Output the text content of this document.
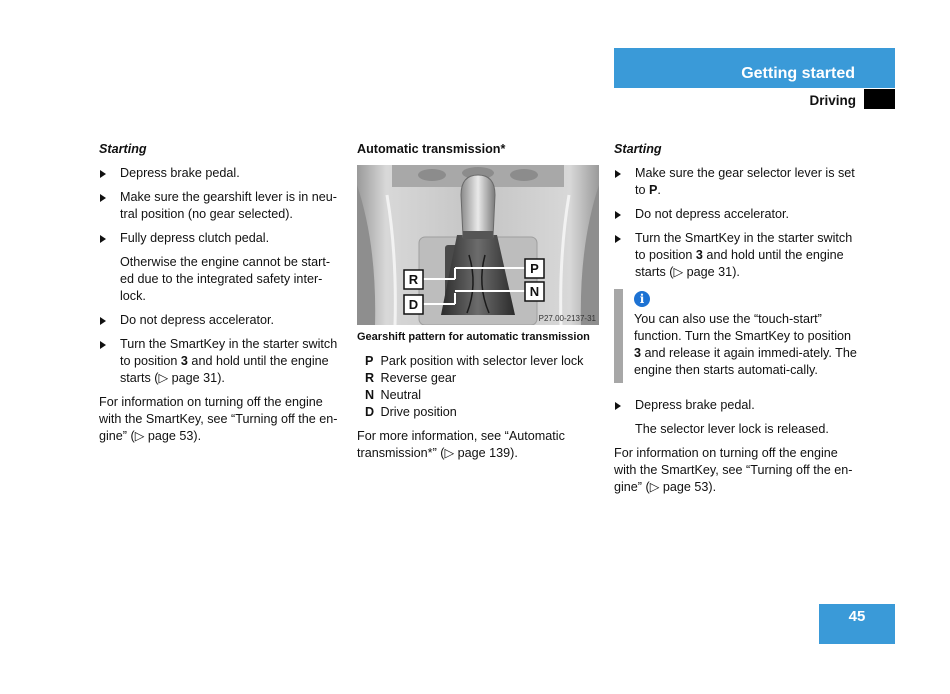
Getting started
Driving

Starting

Depress brake pedal.
Make sure the gearshift lever is in neu-tral position (no gear selected).
Fully depress clutch pedal.

Otherwise the engine cannot be start-ed due to the integrated safety inter-lock.

Do not depress accelerator.
Turn the SmartKey in the starter switch to position 3 and hold until the engine starts (▷ page 31).

For information on turning off the engine with the SmartKey, see “Turning off the en-gine” (▷ page 53).

Automatic transmission*

R
D
P
N
P27.00-2137-31

Gearshift pattern for automatic transmission

P Park position with selector lever lock

R Reverse gear

N Neutral

D Drive position

For more information, see “Automatic transmission*” (▷ page 139).

Starting

Make sure the gear selector lever is set to P.
Do not depress accelerator.
Turn the SmartKey in the starter switch to position 3 and hold until the engine starts (▷ page 31).
i
You can also use the “touch-start” function. Turn the SmartKey to position 3 and release it again immedi-ately. The engine then starts automati-cally.
Depress brake pedal.

The selector lever lock is released.

For information on turning off the engine with the SmartKey, see “Turning off the en-gine” (▷ page 53).

45
